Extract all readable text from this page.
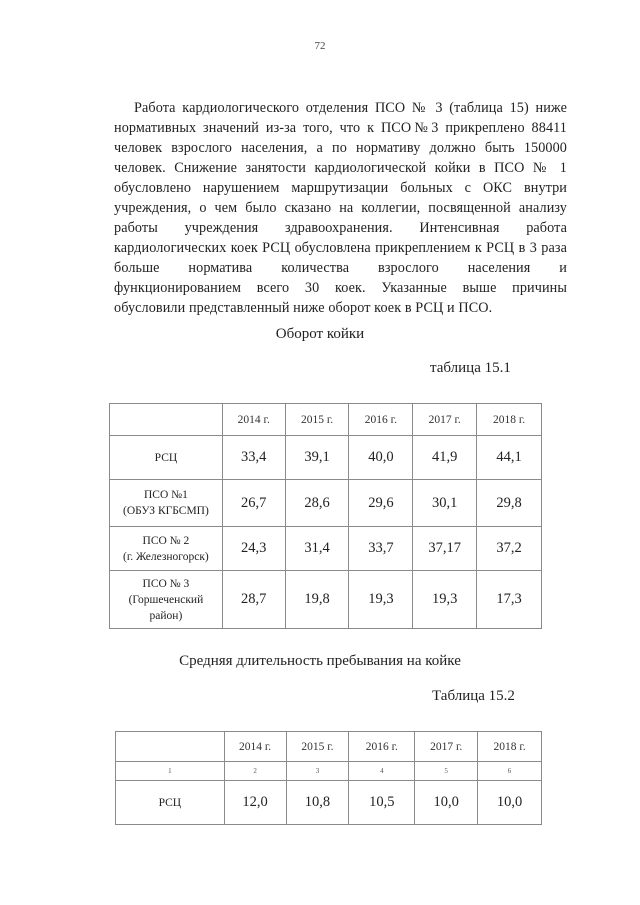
72

Работа кардиологического отделения ПСО № 3 (таблица 15) ниже нормативных значений из-за того, что к ПСО№3 прикреплено 88411 человек взрослого населения, а по нормативу должно быть 150000 человек. Снижение занятости кардиологической койки в ПСО № 1 обусловлено нарушением маршрутизации больных с ОКС внутри учреждения, о чем было сказано на коллегии, посвященной анализу работы учреждения здравоохранения. Интенсивная работа кардиологических коек РСЦ обусловлена прикреплением к РСЦ в 3 раза больше норматива количества взрослого населения и функционированием всего 30 коек. Указанные выше причины обусловили представленный ниже оборот коек в РСЦ и ПСО.

Оборот койки
таблица 15.1
	2014 г.	2015 г.	2016 г.	2017 г.	2018 г.

РСЦ	33,4	39,1	40,0	41,9	44,1

ПСО №1
(ОБУЗ КГБСМП)	26,7	28,6	29,6	30,1	29,8

ПСО № 2
(г. Железногорск)	24,3	31,4	33,7	37,17	37,2

ПСО № 3
(Горшеченский
район)	28,7	19,8	19,3	19,3	17,3
Средняя длительность пребывания на койке
Таблица 15.2
	2014 г.	2015 г.	2016 г.	2017 г.	2018 г.
1	2	3	4	5	6

РСЦ	12,0	10,8	10,5	10,0	10,0
